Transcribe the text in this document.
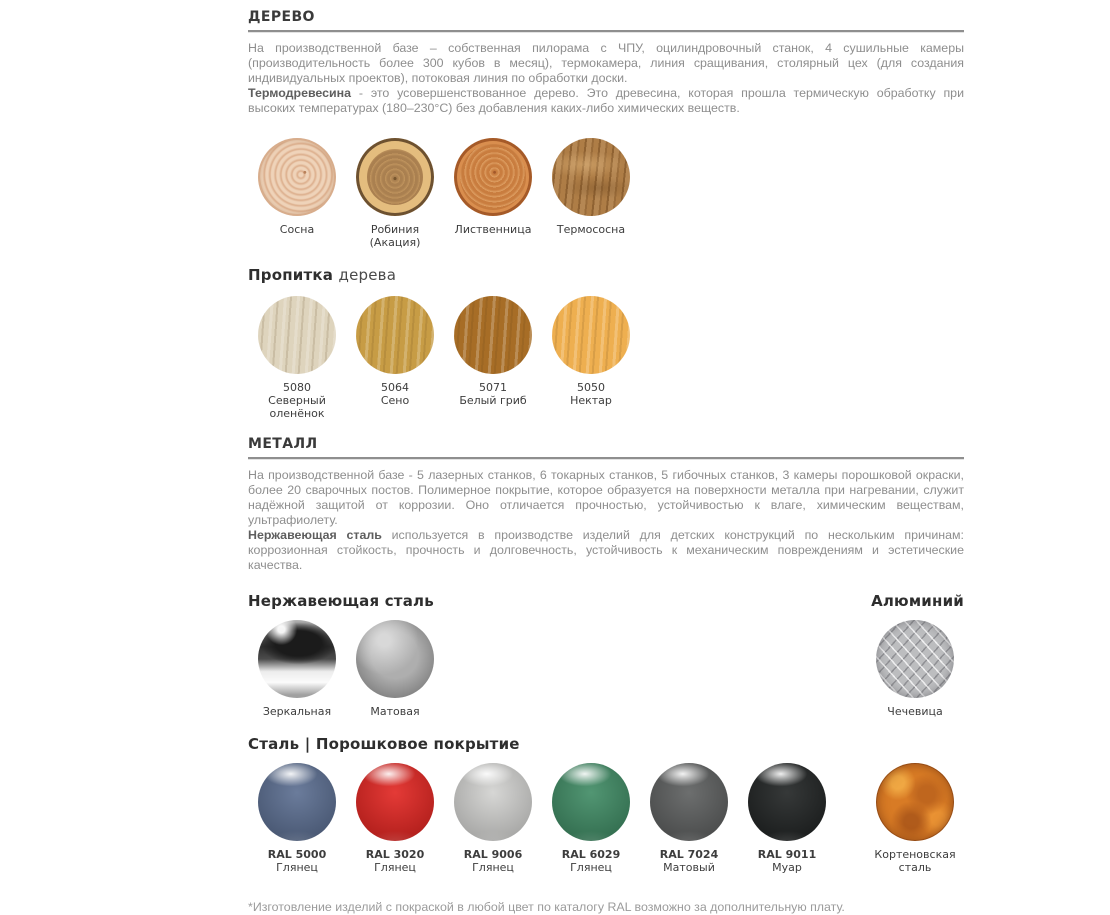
ДЕРЕВО

На производственной базе – собственная пилорама с ЧПУ, оцилиндровочный станок, 4 сушильные камеры (производительность более 300 кубов в месяц), термокамера, линия сращивания, столярный цех (для создания индивидуальных проектов), потоковая линия по обработки доски.

Термодревесина - это усовершенствованное дерево. Это древесина, которая прошла термическую обработку при высоких температурах (180–230°С) без добавления каких-либо химических веществ.

Сосна	Робиния (Акация)
Лиственница Термососна
Пропитка дерева
5080
Северный оленёнок
5064
Сено
5071
Белый гриб
5050
Нектар
МЕТАЛЛ

На производственной базе - 5 лазерных станков, 6 токарных станков, 5 гибочных станков, 3 камеры порошковой окраски, более 20 сварочных постов. Полимерное покрытие, которое образуется на поверхности металла при нагревании, служит надёжной защитой от коррозии. Оно отличается прочностью, устойчивостью к влаге, химическим веществам, ультрафиолету.

Нержавеющая сталь используется в производстве изделий для детских конструкций по нескольким причинам: коррозионная стойкость, прочность и долговечность, устойчивость к механическим повреждениям и эстетические качества.

Нержавеющая сталь	Алюминий
Зеркальная	Матовая	Чечевица
Сталь | Порошковое покрытие
RAL 5000
Глянец
RAL 3020
Глянец
RAL 9006
Глянец
RAL 6029
Глянец
RAL 7024
Матовый
RAL 9011
Муар
Кортеновская сталь

*Изготовление изделий с покраской в любой цвет по каталогу RAL возможно за дополнительную плату.
